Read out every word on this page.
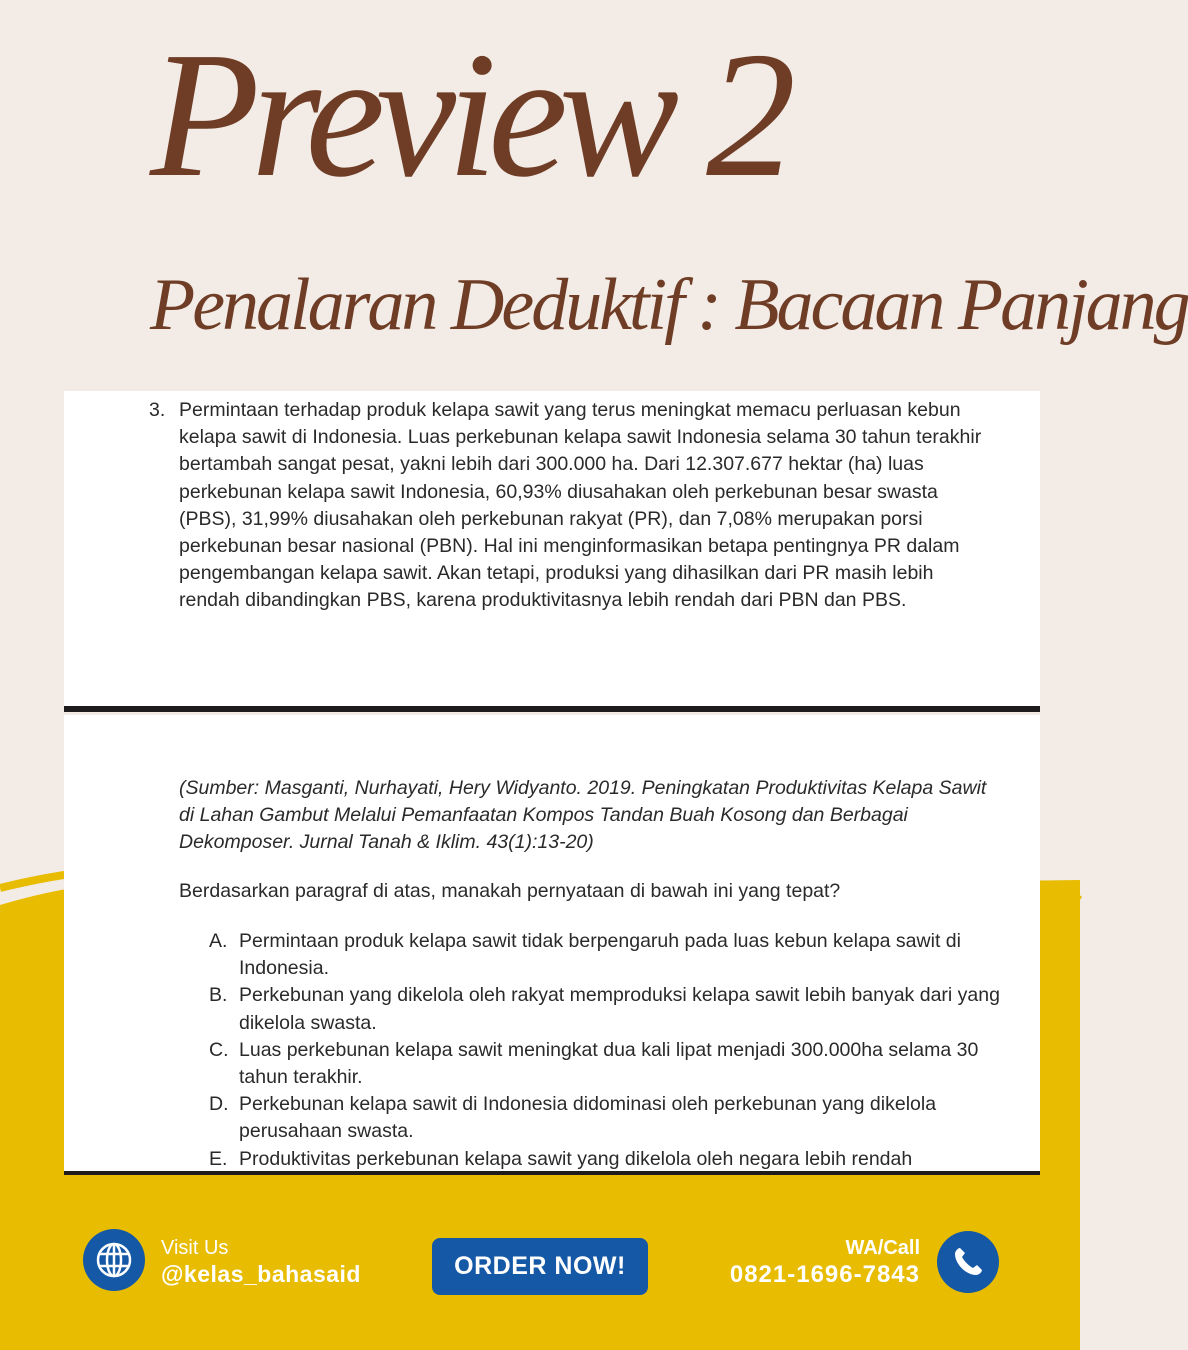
Preview 2
Penalaran Deduktif : Bacaan Panjang
3. Permintaan terhadap produk kelapa sawit yang terus meningkat memacu perluasan kebun kelapa sawit di Indonesia. Luas perkebunan kelapa sawit Indonesia selama 30 tahun terakhir bertambah sangat pesat, yakni lebih dari 300.000 ha. Dari 12.307.677 hektar (ha) luas perkebunan kelapa sawit Indonesia, 60,93% diusahakan oleh perkebunan besar swasta (PBS), 31,99% diusahakan oleh perkebunan rakyat (PR), dan 7,08% merupakan porsi perkebunan besar nasional (PBN). Hal ini menginformasikan betapa pentingnya PR dalam pengembangan kelapa sawit. Akan tetapi, produksi yang dihasilkan dari PR masih lebih rendah dibandingkan PBS, karena produktivitasnya lebih rendah dari PBN dan PBS.

(Sumber: Masganti, Nurhayati, Hery Widyanto. 2019. Peningkatan Produktivitas Kelapa Sawit di Lahan Gambut Melalui Pemanfaatan Kompos Tandan Buah Kosong dan Berbagai Dekomposer. Jurnal Tanah & Iklim. 43(1):13-20)

Berdasarkan paragraf di atas, manakah pernyataan di bawah ini yang tepat?

A. Permintaan produk kelapa sawit tidak berpengaruh pada luas kebun kelapa sawit di Indonesia.
B. Perkebunan yang dikelola oleh rakyat memproduksi kelapa sawit lebih banyak dari yang dikelola swasta.
C. Luas perkebunan kelapa sawit meningkat dua kali lipat menjadi 300.000ha selama 30 tahun terakhir.
D. Perkebunan kelapa sawit di Indonesia didominasi oleh perkebunan yang dikelola perusahaan swasta.
E. Produktivitas perkebunan kelapa sawit yang dikelola oleh negara lebih rendah
Visit Us
@kelas_bahasaid	ORDER NOW!
WA/Call
0821-1696-7843
